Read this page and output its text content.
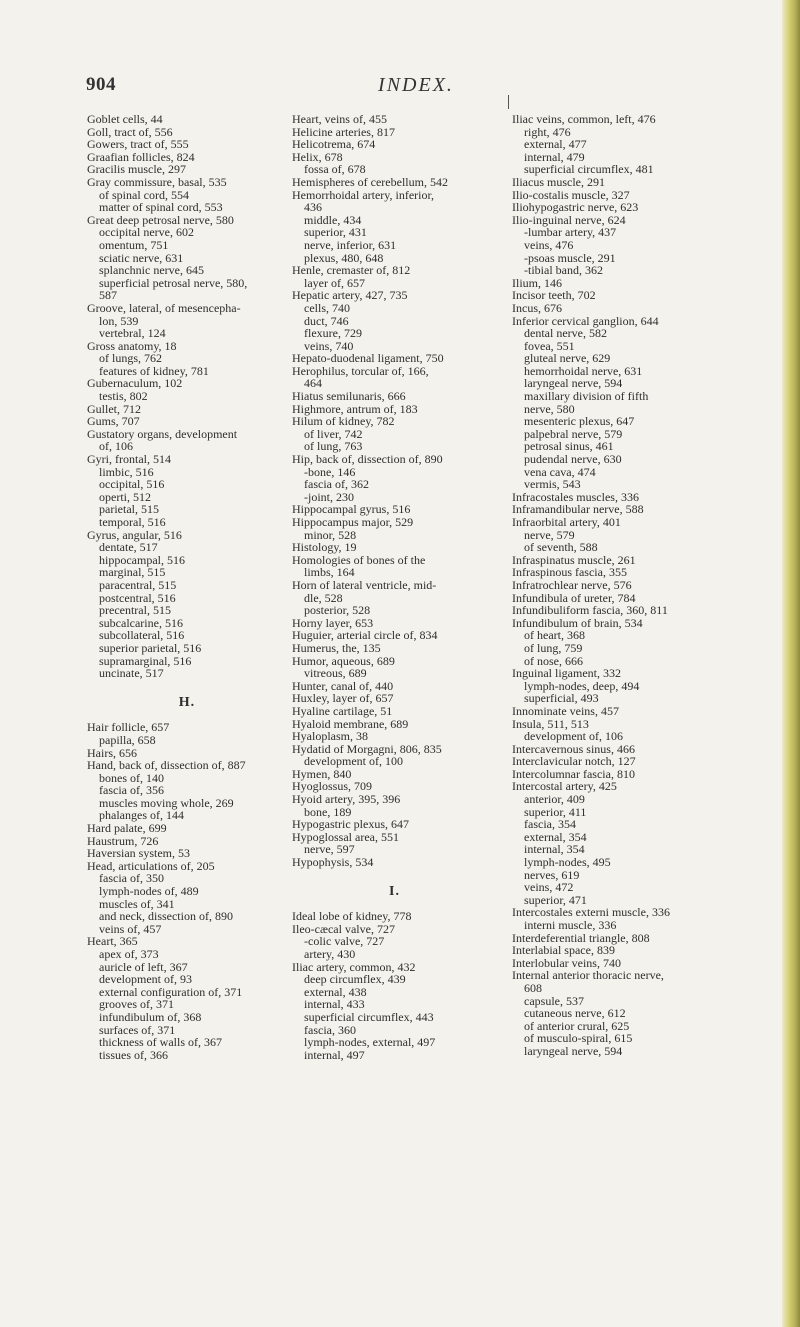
904	INDEX.
Goblet cells, 44
Goll, tract of, 556
Gowers, tract of, 555
Graafian follicles, 824
Gracilis muscle, 297
Gray commissure, basal, 535
of spinal cord, 554
matter of spinal cord, 553
Great deep petrosal nerve, 580
occipital nerve, 602
omentum, 751
sciatic nerve, 631
splanchnic nerve, 645
superficial petrosal nerve, 580,
587
Groove, lateral, of mesencepha-
lon, 539
vertebral, 124
Gross anatomy, 18
of lungs, 762
features of kidney, 781
Gubernaculum, 102
testis, 802
Gullet, 712
Gums, 707
Gustatory organs, development
of, 106
Gyri, frontal, 514
limbic, 516
occipital, 516
operti, 512
parietal, 515
temporal, 516
Gyrus, angular, 516
dentate, 517
hippocampal, 516
marginal, 515
paracentral, 515
postcentral, 516
precentral, 515
subcalcarine, 516
subcollateral, 516
superior parietal, 516
supramarginal, 516
uncinate, 517
H.
Hair follicle, 657
papilla, 658
Hairs, 656
Hand, back of, dissection of, 887
bones of, 140
fascia of, 356
muscles moving whole, 269
phalanges of, 144
Hard palate, 699
Haustrum, 726
Haversian system, 53
Head, articulations of, 205
fascia of, 350
lymph-nodes of, 489
muscles of, 341
and neck, dissection of, 890
veins of, 457
Heart, 365
apex of, 373
auricle of left, 367
development of, 93
external configuration of, 371
grooves of, 371
infundibulum of, 368
surfaces of, 371
thickness of walls of, 367
tissues of, 366
Heart, veins of, 455
Helicine arteries, 817
Helicotrema, 674
Helix, 678
fossa of, 678
Hemispheres of cerebellum, 542
Hemorrhoidal artery, inferior,
436
middle, 434
superior, 431
nerve, inferior, 631
plexus, 480, 648
Henle, cremaster of, 812
layer of, 657
Hepatic artery, 427, 735
cells, 740
duct, 746
flexure, 729
veins, 740
Hepato-duodenal ligament, 750
Herophilus, torcular of, 166,
464
Hiatus semilunaris, 666
Highmore, antrum of, 183
Hilum of kidney, 782
of liver, 742
of lung, 763
Hip, back of, dissection of, 890
-bone, 146
fascia of, 362
-joint, 230
Hippocampal gyrus, 516
Hippocampus major, 529
minor, 528
Histology, 19
Homologies of bones of the
limbs, 164
Horn of lateral ventricle, mid-
dle, 528
posterior, 528
Horny layer, 653
Huguier, arterial circle of, 834
Humerus, the, 135
Humor, aqueous, 689
vitreous, 689
Hunter, canal of, 440
Huxley, layer of, 657
Hyaline cartilage, 51
Hyaloid membrane, 689
Hyaloplasm, 38
Hydatid of Morgagni, 806, 835
development of, 100
Hymen, 840
Hyoglossus, 709
Hyoid artery, 395, 396
bone, 189
Hypogastric plexus, 647
Hypoglossal area, 551
nerve, 597
Hypophysis, 534
I.
Ideal lobe of kidney, 778
Ileo-cæcal valve, 727
-colic valve, 727
artery, 430
Iliac artery, common, 432
deep circumflex, 439
external, 438
internal, 433
superficial circumflex, 443
fascia, 360
lymph-nodes, external, 497
internal, 497
Iliac veins, common, left, 476
right, 476
external, 477
internal, 479
superficial circumflex, 481
Iliacus muscle, 291
Ilio-costalis muscle, 327
Iliohypogastric nerve, 623
Ilio-inguinal nerve, 624
-lumbar artery, 437
veins, 476
-psoas muscle, 291
-tibial band, 362
Ilium, 146
Incisor teeth, 702
Incus, 676
Inferior cervical ganglion, 644
dental nerve, 582
fovea, 551
gluteal nerve, 629
hemorrhoidal nerve, 631
laryngeal nerve, 594
maxillary division of fifth
nerve, 580
mesenteric plexus, 647
palpebral nerve, 579
petrosal sinus, 461
pudendal nerve, 630
vena cava, 474
vermis, 543
Infracostales muscles, 336
Inframandibular nerve, 588
Infraorbital artery, 401
nerve, 579
of seventh, 588
Infraspinatus muscle, 261
Infraspinous fascia, 355
Infratrochlear nerve, 576
Infundibula of ureter, 784
Infundibuliform fascia, 360, 811
Infundibulum of brain, 534
of heart, 368
of lung, 759
of nose, 666
Inguinal ligament, 332
lymph-nodes, deep, 494
superficial, 493
Innominate veins, 457
Insula, 511, 513
development of, 106
Intercavernous sinus, 466
Interclavicular notch, 127
Intercolumnar fascia, 810
Intercostal artery, 425
anterior, 409
superior, 411
fascia, 354
external, 354
internal, 354
lymph-nodes, 495
nerves, 619
veins, 472
superior, 471
Intercostales externi muscle, 336
interni muscle, 336
Interdeferential triangle, 808
Interlabial space, 839
Interlobular veins, 740
Internal anterior thoracic nerve,
608
capsule, 537
cutaneous nerve, 612
of anterior crural, 625
of musculo-spiral, 615
laryngeal nerve, 594
